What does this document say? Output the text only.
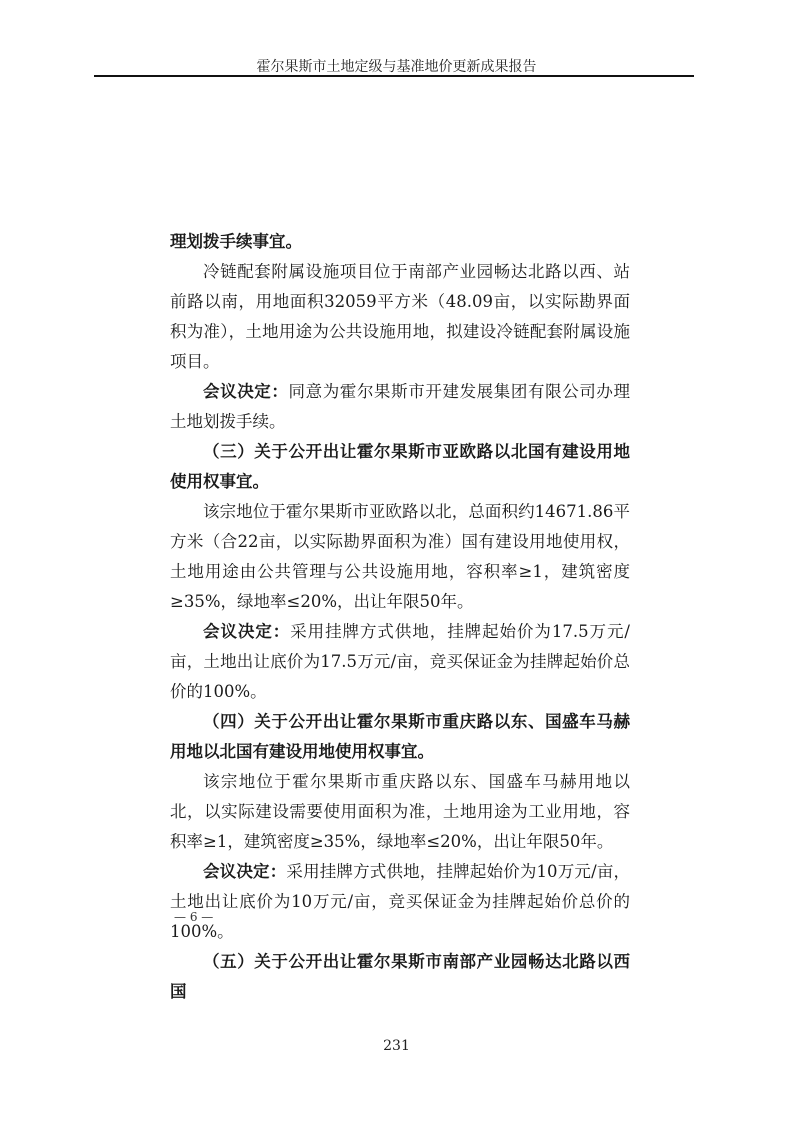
霍尔果斯市土地定级与基准地价更新成果报告

理划拨手续事宜。

冷链配套附属设施项目位于南部产业园畅达北路以西、站前路以南，用地面积32059平方米（48.09亩，以实际勘界面积为准），土地用途为公共设施用地，拟建设冷链配套附属设施项目。

会议决定：同意为霍尔果斯市开建发展集团有限公司办理土地划拨手续。

（三）关于公开出让霍尔果斯市亚欧路以北国有建设用地使用权事宜。

该宗地位于霍尔果斯市亚欧路以北，总面积约14671.86平方米（合22亩，以实际勘界面积为准）国有建设用地使用权，土地用途由公共管理与公共设施用地，容积率≥1，建筑密度≥35%，绿地率≤20%，出让年限50年。

会议决定：采用挂牌方式供地，挂牌起始价为17.5万元/亩，土地出让底价为17.5万元/亩，竞买保证金为挂牌起始价总价的100%。

（四）关于公开出让霍尔果斯市重庆路以东、国盛车马赫用地以北国有建设用地使用权事宜。

该宗地位于霍尔果斯市重庆路以东、国盛车马赫用地以北，以实际建设需要使用面积为准，土地用途为工业用地，容积率≥1，建筑密度≥35%，绿地率≤20%，出让年限50年。

会议决定：采用挂牌方式供地，挂牌起始价为10万元/亩，土地出让底价为10万元/亩，竞买保证金为挂牌起始价总价的100%。

（五）关于公开出让霍尔果斯市南部产业园畅达北路以西国

— 6 —
231
